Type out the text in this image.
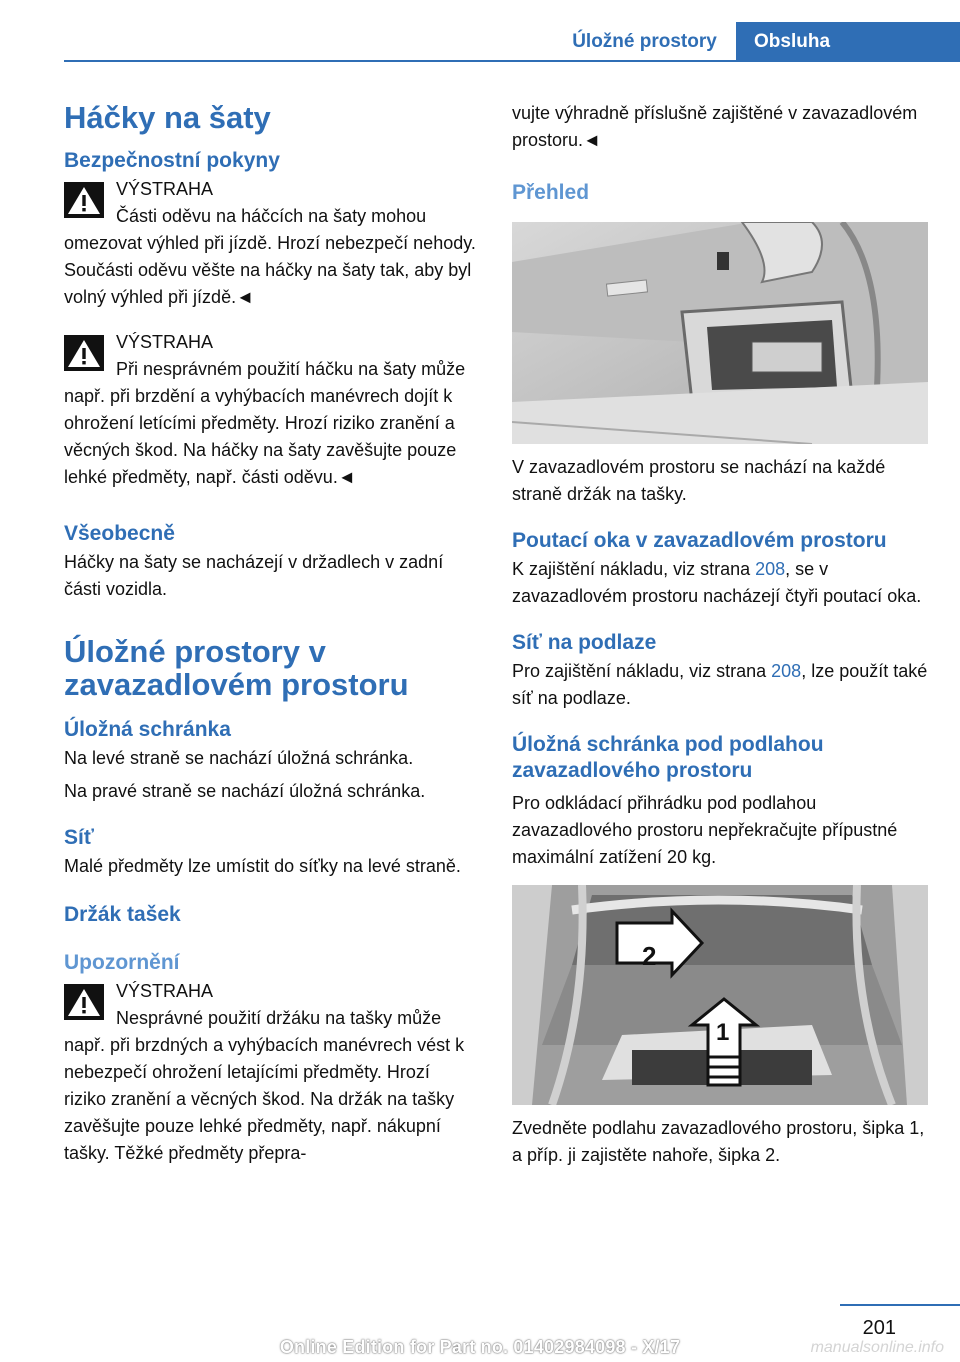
Úložné prostory	Obsluha
Háčky na šaty
Bezpečnostní pokyny

VÝSTRAHA

Části oděvu na háčcích na šaty mohou omezovat výhled při jízdě. Hrozí nebezpečí nehody. Součásti oděvu věšte na háčky na šaty tak, aby byl volný výhled při jízdě.◄

VÝSTRAHA

Při nesprávném použití háčku na šaty může např. při brzdění a vyhýbacích manévrech dojít k ohrožení letícími předměty. Hrozí riziko zranění a věcných škod. Na háčky na šaty zavěšujte pouze lehké předměty, např. části oděvu.◄

Všeobecně

Háčky na šaty se nacházejí v držadlech v zadní části vozidla.

Úložné prostory v zavazadlovém prostoru
Úložná schránka

Na levé straně se nachází úložná schránka.

Na pravé straně se nachází úložná schránka.

Síť

Malé předměty lze umístit do síťky na levé straně.

Držák tašek
Upozornění

VÝSTRAHA

Nesprávné použití držáku na tašky může např. při brzdných a vyhýbacích manévrech vést k nebezpečí ohrožení letajícími předměty. Hrozí riziko zranění a věcných škod. Na držák na tašky zavěšujte pouze lehké předměty, např. nákupní tašky. Těžké předměty přepra-

vujte výhradně příslušně zajištěné v zavazadlovém prostoru.◄

Přehled

V zavazadlovém prostoru se nachází na každé straně držák na tašky.

Poutací oka v zavazadlovém prostoru

K zajištění nákladu, viz strana 208, se v zavazadlovém prostoru nacházejí čtyři poutací oka.

Síť na podlaze

Pro zajištění nákladu, viz strana 208, lze použít také síť na podlaze.

Úložná schránka pod podlahou zavazadlového prostoru

Pro odkládací přihrádku pod podlahou zavazadlového prostoru nepřekračujte přípustné maximální zatížení 20 kg.

2
1

Zvedněte podlahu zavazadlového prostoru, šipka 1, a příp. ji zajistěte nahoře, šipka 2.

201
Online Edition for Part no. 01402984098 - X/17	manualsonline.info
